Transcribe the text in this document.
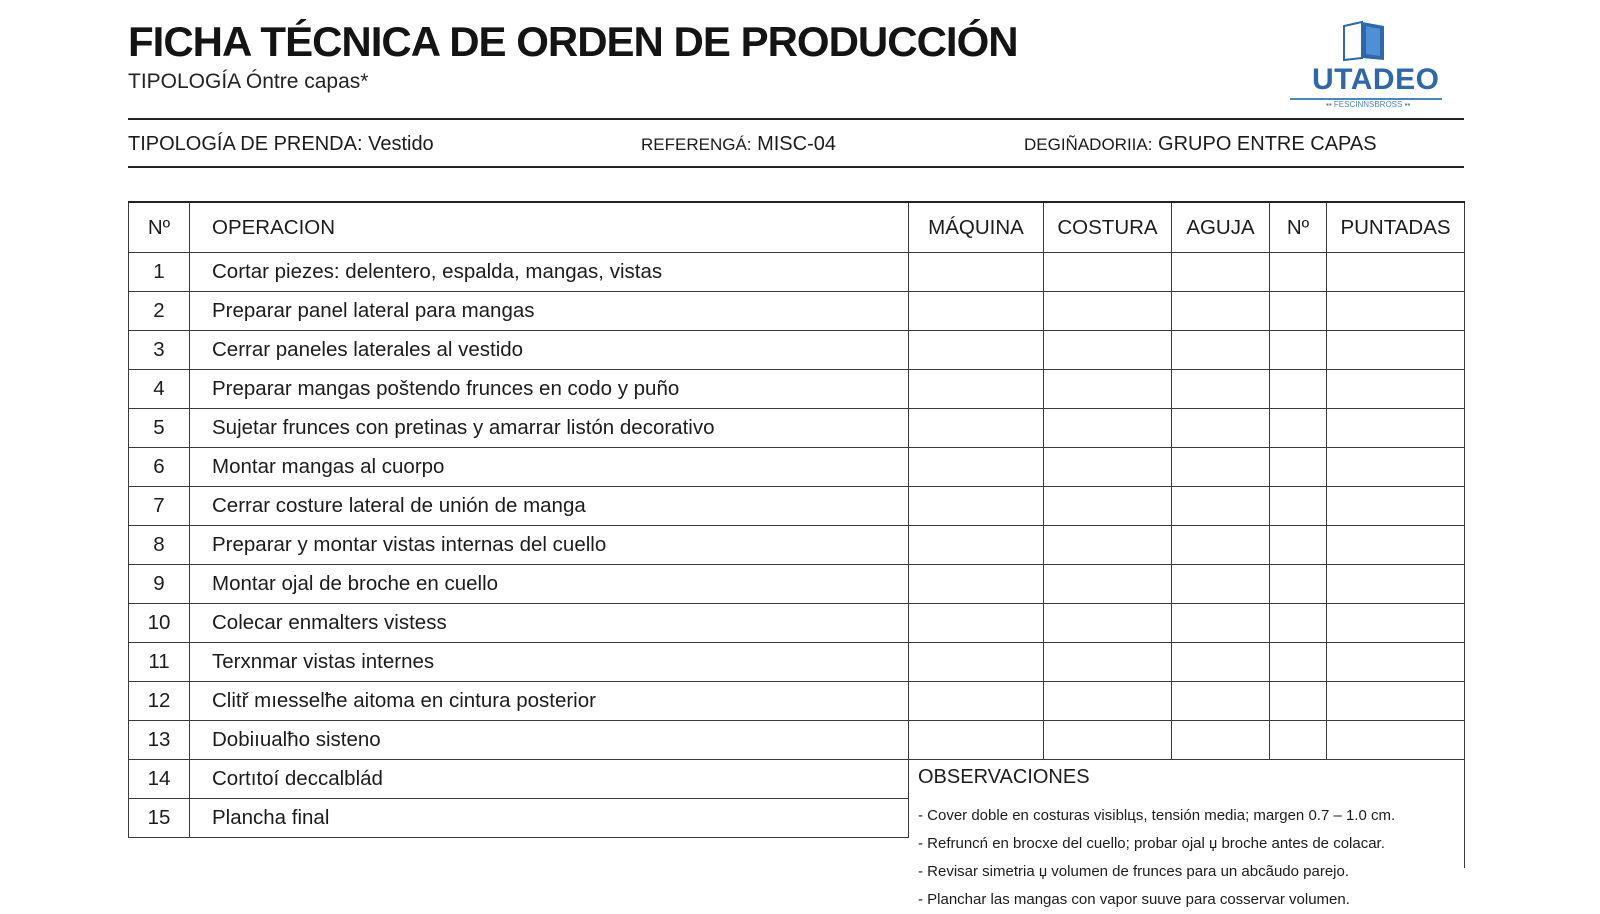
FICHA TÉCNICA DE ORDEN DE PRODUCCIÓN
TIPOLOGÍA Óntre capas*	UTADEO
▪▪ FESCINNSBROSS ▪▪
TIPOLOGÍA DE PRENDA: Vestido	REFERENGÁ: MISC-04	DEGIÑADORIIA: GRUPO ENTRE CAPAS
Nº	OPERACION	MÁQUINA	COSTURA	AGUJA	Nº	PUNTADAS
1	Cortar piezes: delentero, espalda, mangas, vistas					
2	Preparar panel lateral para mangas					
3	Cerrar paneles laterales al vestido					
4	Preparar mangas poštendo frunces en codo y puño					
5	Sujetar frunces con pretinas y amarrar listón decorativo					
6	Montar mangas al cuorpo					
7	Cerrar costure lateral de unión de manga					
8	Preparar y montar vistas internas del cuello					
9	Montar ojal de broche en cuello					
10	Colecar enmalters vistess					
11	Terxnmar vistas internes					
12	Clitř mıesselħe aitoma en cintura posterior					
13	Dobiıualħo sisteno					
14	Cortıtoí deccalblád					
15	Plancha final					
OBSERVACIONES
- Cover doble en costuras visiblцs, tensión media; margen 0.7 – 1.0 cm.
- Refruncń en brocxe del cuello; probar ojal џ broche antes de colacar.
- Revisar simetria џ volumen de frunces para un abcãudo parejo.
- Planchar las mangas con vapor suuve para cosservar volumen.
